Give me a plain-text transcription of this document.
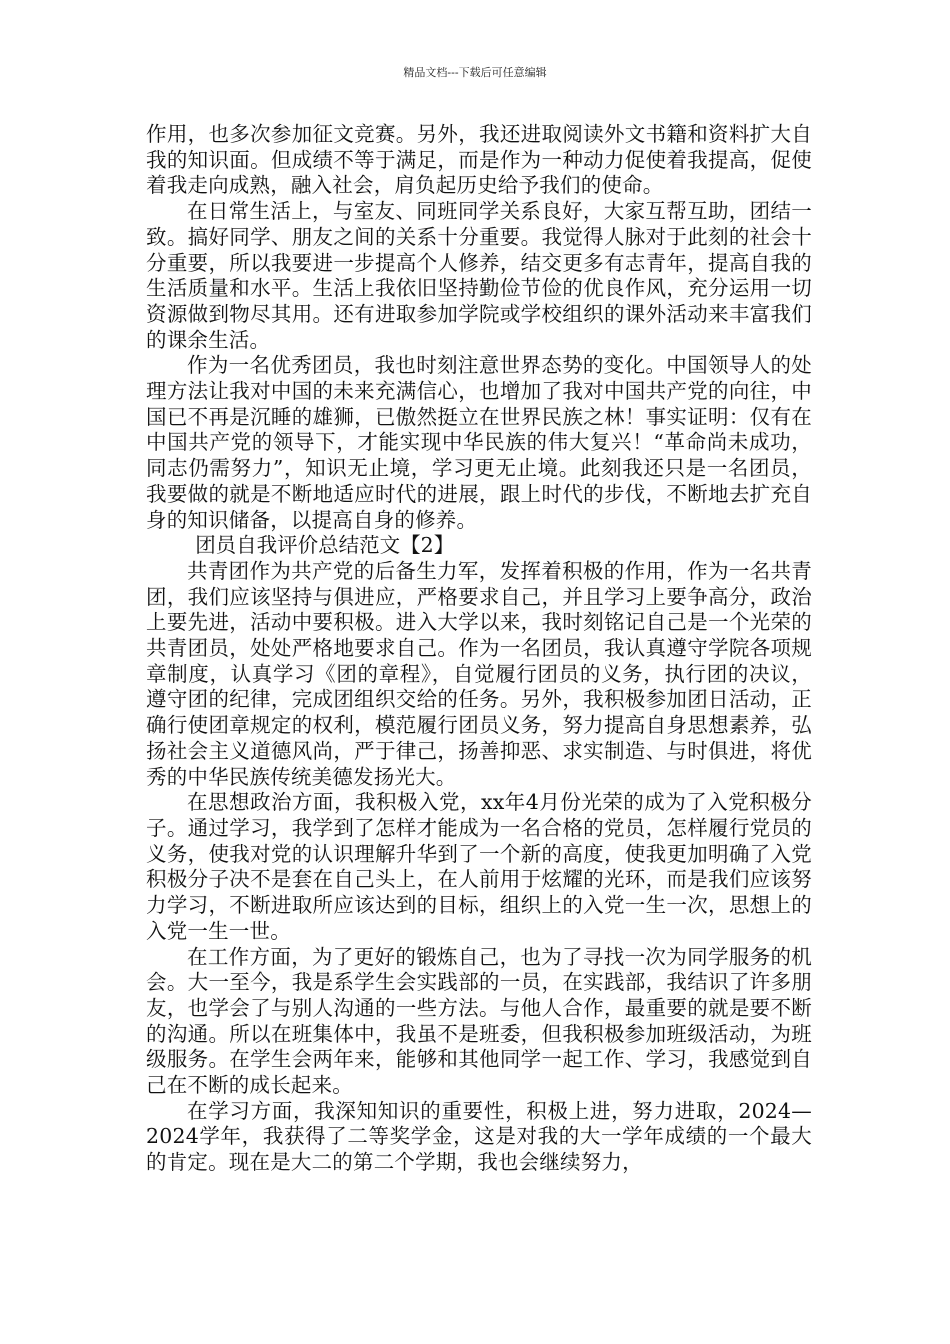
精品文档---下载后可任意编辑

作用，也多次参加征文竞赛。另外，我还进取阅读外文书籍和资料扩大自我的知识面。但成绩不等于满足，而是作为一种动力促使着我提高，促使着我走向成熟，融入社会，肩负起历史给予我们的使命。

在日常生活上，与室友、同班同学关系良好，大家互帮互助，团结一致。搞好同学、朋友之间的关系十分重要。我觉得人脉对于此刻的社会十分重要，所以我要进一步提高个人修养，结交更多有志青年，提高自我的生活质量和水平。生活上我依旧坚持勤俭节俭的优良作风，充分运用一切资源做到物尽其用。还有进取参加学院或学校组织的课外活动来丰富我们的课余生活。

作为一名优秀团员，我也时刻注意世界态势的变化。中国领导人的处理方法让我对中国的未来充满信心，也增加了我对中国共产党的向往，中国已不再是沉睡的雄狮，已傲然挺立在世界民族之林！事实证明：仅有在中国共产党的领导下，才能实现中华民族的伟大复兴！“革命尚未成功，同志仍需努力”，知识无止境，学习更无止境。此刻我还只是一名团员，我要做的就是不断地适应时代的进展，跟上时代的步伐，不断地去扩充自身的知识储备，以提高自身的修养。

团员自我评价总结范文【2】

共青团作为共产党的后备生力军，发挥着积极的作用，作为一名共青团，我们应该坚持与俱进应，严格要求自己，并且学习上要争高分，政治上要先进，活动中要积极。进入大学以来，我时刻铭记自己是一个光荣的共青团员，处处严格地要求自己。作为一名团员，我认真遵守学院各项规章制度，认真学习《团的章程》，自觉履行团员的义务，执行团的决议，遵守团的纪律，完成团组织交给的任务。另外，我积极参加团日活动，正确行使团章规定的权利，模范履行团员义务，努力提高自身思想素养，弘扬社会主义道德风尚，严于律己，扬善抑恶、求实制造、与时俱进，将优秀的中华民族传统美德发扬光大。

在思想政治方面，我积极入党，xx年4月份光荣的成为了入党积极分子。通过学习，我学到了怎样才能成为一名合格的党员，怎样履行党员的义务，使我对党的认识理解升华到了一个新的高度，使我更加明确了入党积极分子决不是套在自己头上，在人前用于炫耀的光环，而是我们应该努力学习，不断进取所应该达到的目标，组织上的入党一生一次，思想上的入党一生一世。

在工作方面，为了更好的锻炼自己，也为了寻找一次为同学服务的机会。大一至今，我是系学生会实践部的一员，在实践部，我结识了许多朋友，也学会了与别人沟通的一些方法。与他人合作，最重要的就是要不断的沟通。所以在班集体中，我虽不是班委，但我积极参加班级活动，为班级服务。在学生会两年来，能够和其他同学一起工作、学习，我感觉到自己在不断的成长起来。

在学习方面，我深知知识的重要性，积极上进，努力进取，2024—2024学年，我获得了二等奖学金，这是对我的大一学年成绩的一个最大的肯定。现在是大二的第二个学期，我也会继续努力，
